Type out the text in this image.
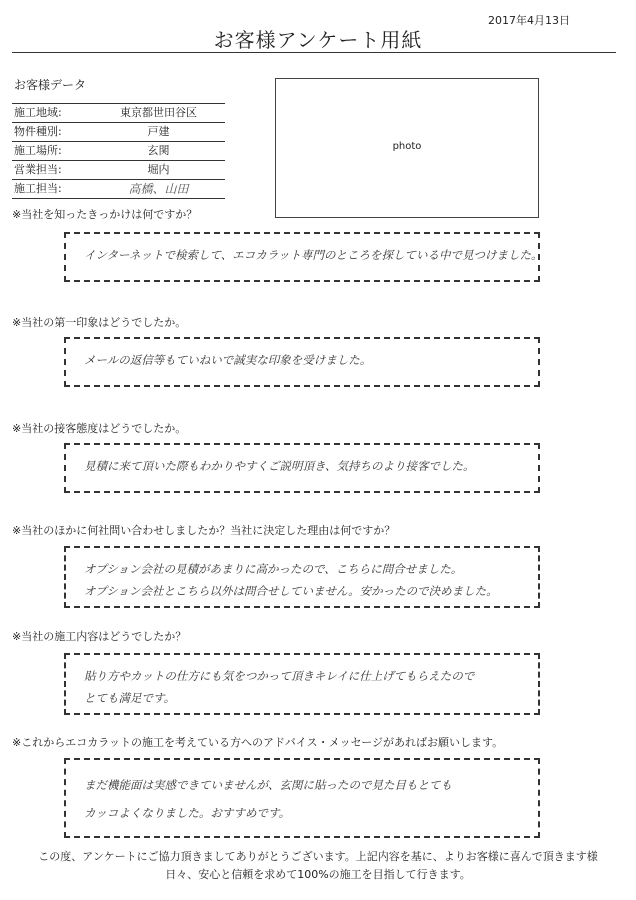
2017年4月13日
お客様アンケート用紙
お客様データ
施工地域:	東京都世田谷区
物件種別:	戸建
施工場所:	玄関
営業担当:	堀内
施工担当:	高橋、山田
photo
※当社を知ったきっかけは何ですか？
インターネットで検索して、エコカラット専門のところを探している中で見つけました。
※当社の第一印象はどうでしたか。
メールの返信等もていねいで誠実な印象を受けました。
※当社の接客態度はどうでしたか。
見積に来て頂いた際もわかりやすくご説明頂き、気持ちのより接客でした。
※当社のほかに何社問い合わせしましたか？当社に決定した理由は何ですか？
オプション会社の見積があまりに高かったので、こちらに問合せました。
オプション会社とこちら以外は問合せしていません。安かったので決めました。
※当社の施工内容はどうでしたか？
貼り方やカットの仕方にも気をつかって頂きキレイに仕上げてもらえたので
とても満足です。
※これからエコカラットの施工を考えている方へのアドバイス・メッセージがあればお願いします。
まだ機能面は実感できていませんが、玄関に貼ったので見た目もとても
カッコよくなりました。おすすめです。
この度、アンケートにご協力頂きましてありがとうございます。上記内容を基に、よりお客様に喜んで頂きます様
日々、安心と信頼を求めて100%の施工を目指して行きます。
